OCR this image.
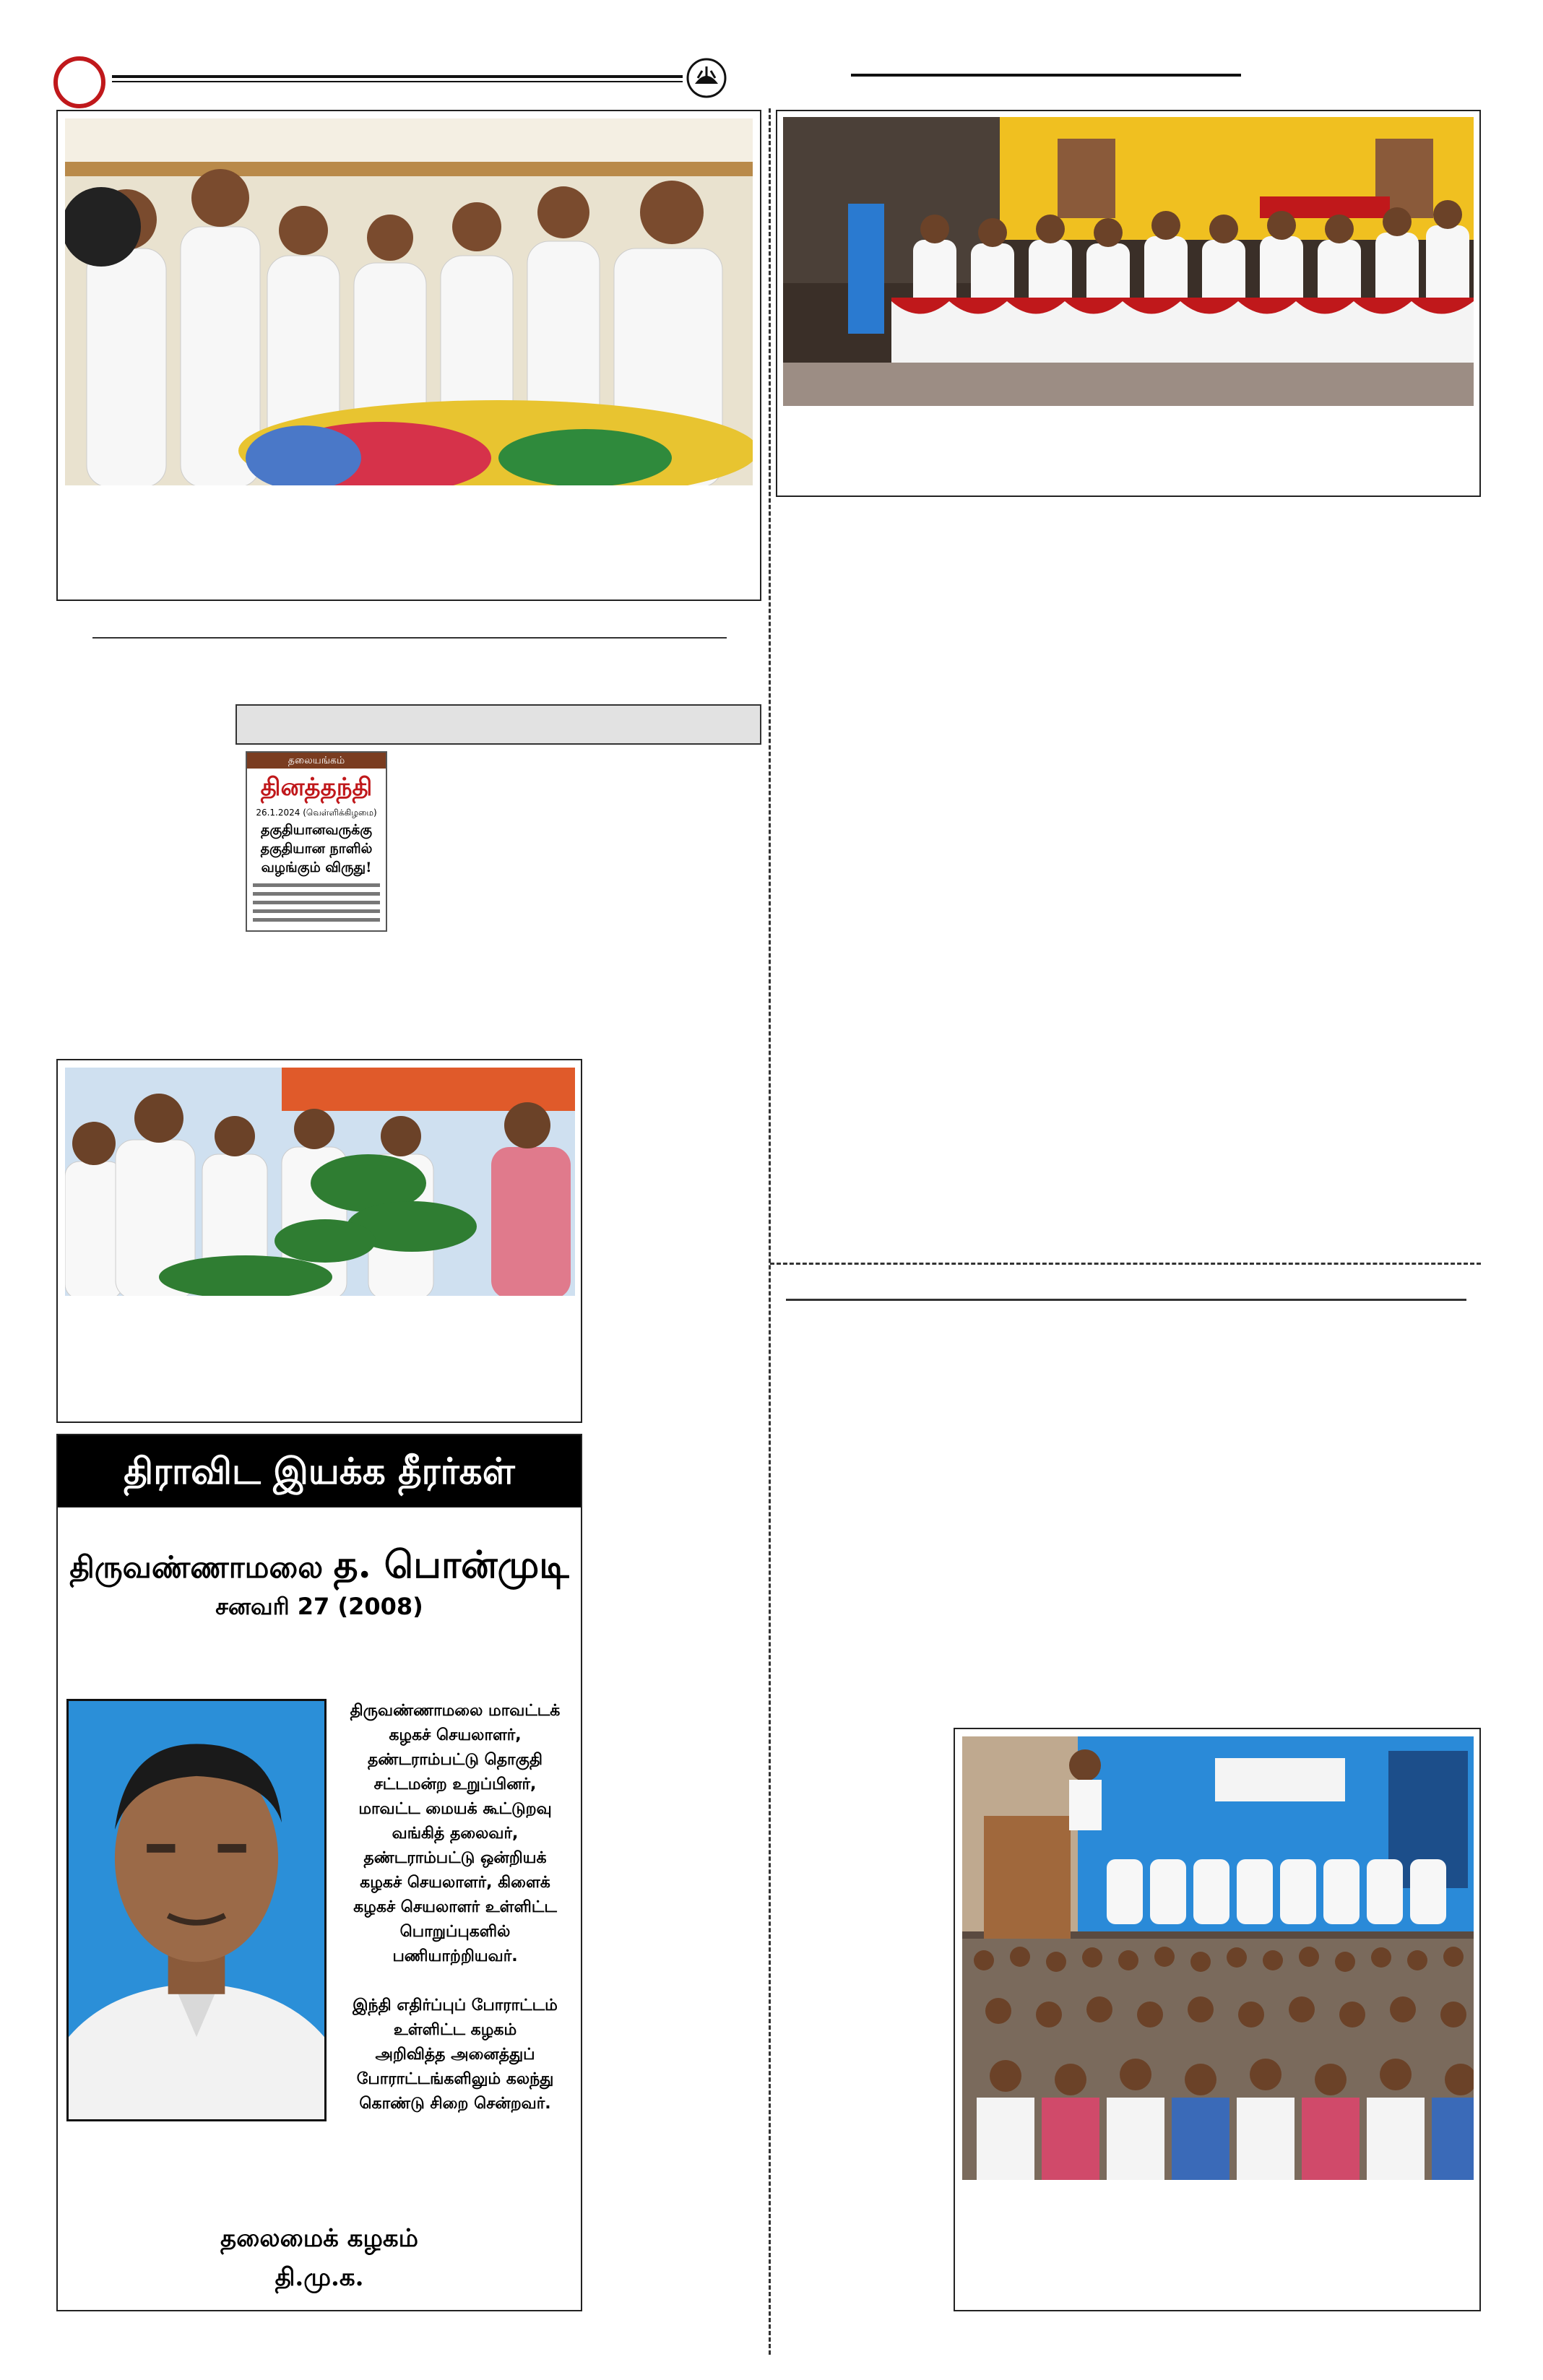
தலையங்கம்
தினத்தந்தி
26.1.2024 (வெள்ளிக்கிழமை)
தகுதியானவருக்கு தகுதியான நாளில் வழங்கும் விருது!
திராவிட இயக்க தீரர்கள் நினைவு நாள்
திருவண்ணாமலை த. பொன்முடி
சனவரி 27 (2008)
திருவண்ணாமலை மாவட்டக்
கழகச் செயலாளர்,
தண்டராம்பட்டு தொகுதி
சட்டமன்ற உறுப்பினர்,
மாவட்ட மையக் கூட்டுறவு
வங்கித் தலைவர்,
தண்டராம்பட்டு ஒன்றியக்
கழகச் செயலாளர், கிளைக்
கழகச் செயலாளர் உள்ளிட்ட
பொறுப்புகளில்
பணியாற்றியவர்.
இந்தி எதிர்ப்புப் போராட்டம்
உள்ளிட்ட கழகம்
அறிவித்த அனைத்துப்
போராட்டங்களிலும் கலந்து
கொண்டு சிறை சென்றவர்.
தலைமைக் கழகம்
தி.மு.க.
